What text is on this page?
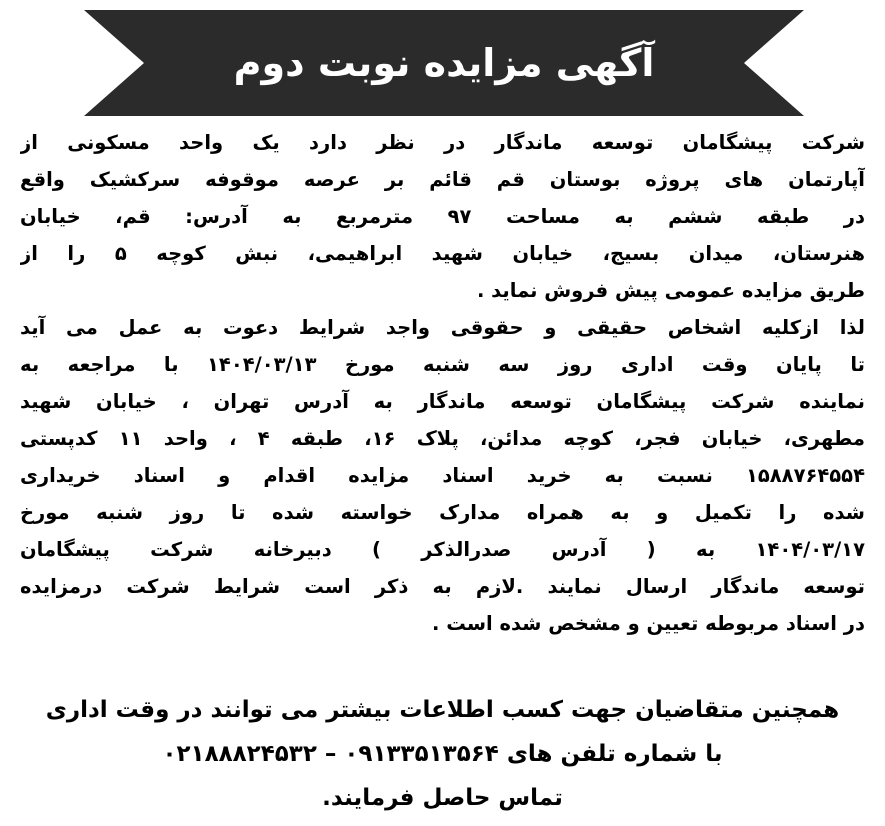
آگهی مزایده نوبت دوم
شرکت پیشگامان توسعه ماندگار در نظر دارد یک واحد مسکونی از
آپارتمان های پروژه بوستان قم قائم بر عرصه موقوفه سرکشیک واقع
در طبقه ششم به مساحت ۹۷ مترمربع به آدرس: قم، خیابان
هنرستان، میدان بسیج، خیابان شهید ابراهیمی، نبش کوچه ۵ را از
طریق مزایده عمومی پیش فروش نماید .
لذا ازکلیه اشخاص حقیقی و حقوقی واجد شرایط دعوت به عمل می آید
تا پایان وقت اداری روز سه شنبه مورخ ۱۴۰۴/۰۳/۱۳ با مراجعه به
نماینده شرکت پیشگامان توسعه ماندگار به آدرس تهران ، خیابان شهید
مطهری، خیابان فجر، کوچه مدائن، پلاک ۱۶، طبقه ۴ ، واحد ۱۱ کدپستی
۱۵۸۸۷۶۴۵۵۴ نسبت به خرید اسناد مزایده اقدام و اسناد خریداری
شده را تکمیل و به همراه مدارک خواسته شده تا روز شنبه مورخ
۱۴۰۴/۰۳/۱۷ به ( آدرس صدرالذکر ) دبیرخانه شرکت پیشگامان
توسعه ماندگار ارسال نمایند .لازم به ذکر است شرایط شرکت درمزایده
در اسناد مربوطه تعیین و مشخص شده است .
همچنین متقاضیان جهت کسب اطلاعات بیشتر می توانند در وقت اداری
با شماره تلفن های ۰۹۱۳۳۵۱۳۵۶۴ – ۰۲۱۸۸۸۲۴۵۳۲
تماس حاصل فرمایند.
